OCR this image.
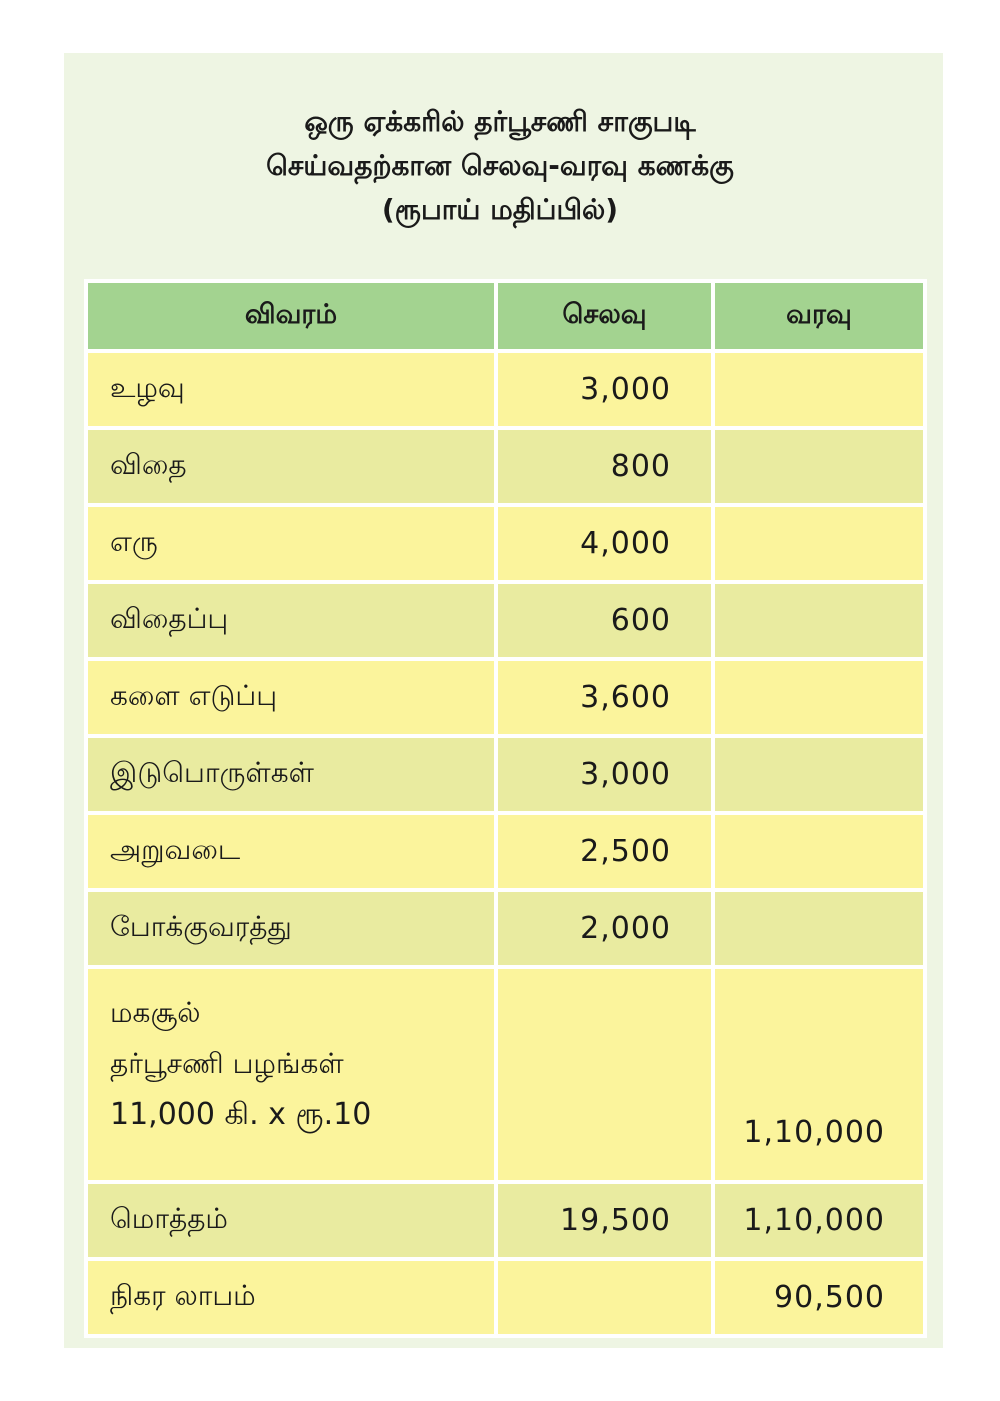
ஒரு ஏக்கரில் தர்பூசணி சாகுபடி
செய்வதற்கான செலவு-வரவு கணக்கு
(ரூபாய் மதிப்பில்)
விவரம்	செலவு	வரவு
உழவு	3,000	
விதை	800	
எரு	4,000	
விதைப்பு	600	
களை எடுப்பு	3,600	
இடுபொருள்கள்	3,000	
அறுவடை	2,500	
போக்குவரத்து	2,000	

மகசூல்
தர்பூசணி பழங்கள்
11,000 கி. x ரூ.10		1,10,000
மொத்தம்	19,500	1,10,000
நிகர லாபம்		90,500
